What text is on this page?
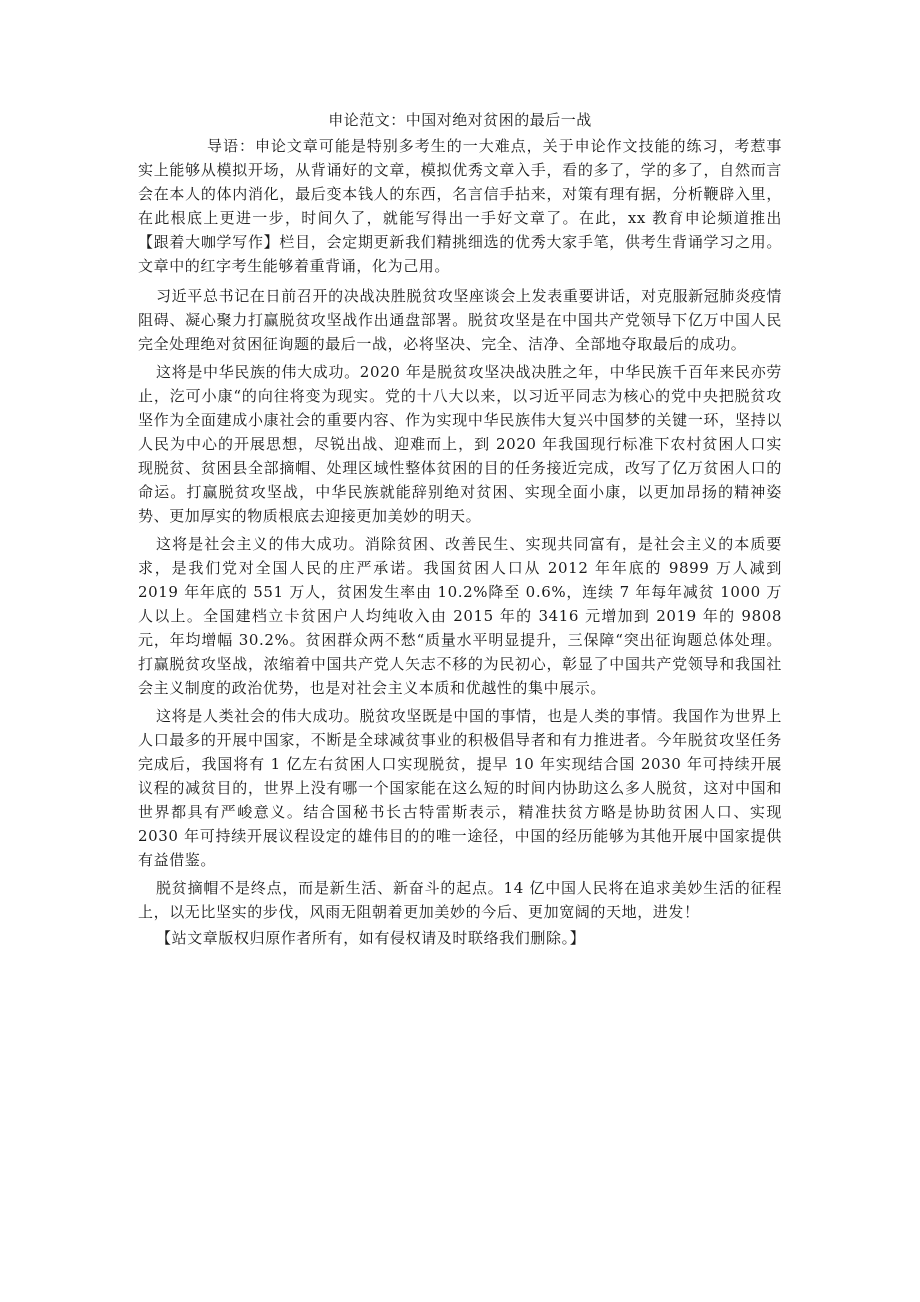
申论范文：中国对绝对贫困的最后一战

导语：申论文章可能是特别多考生的一大难点，关于申论作文技能的练习，考惹事实上能够从模拟开场，从背诵好的文章，模拟优秀文章入手，看的多了，学的多了，自然而言会在本人的体内消化，最后变本钱人的东西，名言信手拈来，对策有理有据，分析鞭辟入里，在此根底上更进一步，时间久了，就能写得出一手好文章了。在此，xx 教育申论频道推出【跟着大咖学写作】栏目，会定期更新我们精挑细选的优秀大家手笔，供考生背诵学习之用。文章中的红字考生能够着重背诵，化为己用。

习近平总书记在日前召开的决战决胜脱贫攻坚座谈会上发表重要讲话，对克服新冠肺炎疫情阻碍、凝心聚力打赢脱贫攻坚战作出通盘部署。脱贫攻坚是在中国共产党领导下亿万中国人民完全处理绝对贫困征询题的最后一战，必将坚决、完全、洁净、全部地夺取最后的成功。

这将是中华民族的伟大成功。2020 年是脱贫攻坚决战决胜之年，中华民族千百年来民亦劳止，汔可小康“的向往将变为现实。党的十八大以来，以习近平同志为核心的党中央把脱贫攻坚作为全面建成小康社会的重要内容、作为实现中华民族伟大复兴中国梦的关键一环，坚持以人民为中心的开展思想，尽锐出战、迎难而上，到 2020 年我国现行标准下农村贫困人口实现脱贫、贫困县全部摘帽、处理区域性整体贫困的目的任务接近完成，改写了亿万贫困人口的命运。打赢脱贫攻坚战，中华民族就能辞别绝对贫困、实现全面小康，以更加昂扬的精神姿势、更加厚实的物质根底去迎接更加美妙的明天。

这将是社会主义的伟大成功。消除贫困、改善民生、实现共同富有，是社会主义的本质要求，是我们党对全国人民的庄严承诺。我国贫困人口从 2012 年年底的 9899 万人减到 2019 年年底的 551 万人，贫困发生率由 10.2%降至 0.6%，连续 7 年每年减贫 1000 万人以上。全国建档立卡贫困户人均纯收入由 2015 年的 3416 元增加到 2019 年的 9808 元，年均增幅 30.2%。贫困群众两不愁“质量水平明显提升，三保障“突出征询题总体处理。打赢脱贫攻坚战，浓缩着中国共产党人矢志不移的为民初心，彰显了中国共产党领导和我国社会主义制度的政治优势，也是对社会主义本质和优越性的集中展示。

这将是人类社会的伟大成功。脱贫攻坚既是中国的事情，也是人类的事情。我国作为世界上人口最多的开展中国家，不断是全球减贫事业的积极倡导者和有力推进者。今年脱贫攻坚任务完成后，我国将有 1 亿左右贫困人口实现脱贫，提早 10 年实现结合国 2030 年可持续开展议程的减贫目的，世界上没有哪一个国家能在这么短的时间内协助这么多人脱贫，这对中国和世界都具有严峻意义。结合国秘书长古特雷斯表示，精准扶贫方略是协助贫困人口、实现 2030 年可持续开展议程设定的雄伟目的的唯一途径，中国的经历能够为其他开展中国家提供有益借鉴。

脱贫摘帽不是终点，而是新生活、新奋斗的起点。14 亿中国人民将在追求美妙生活的征程上，以无比坚实的步伐，风雨无阻朝着更加美妙的今后、更加宽阔的天地，进发！

【站文章版权归原作者所有，如有侵权请及时联络我们删除。】
